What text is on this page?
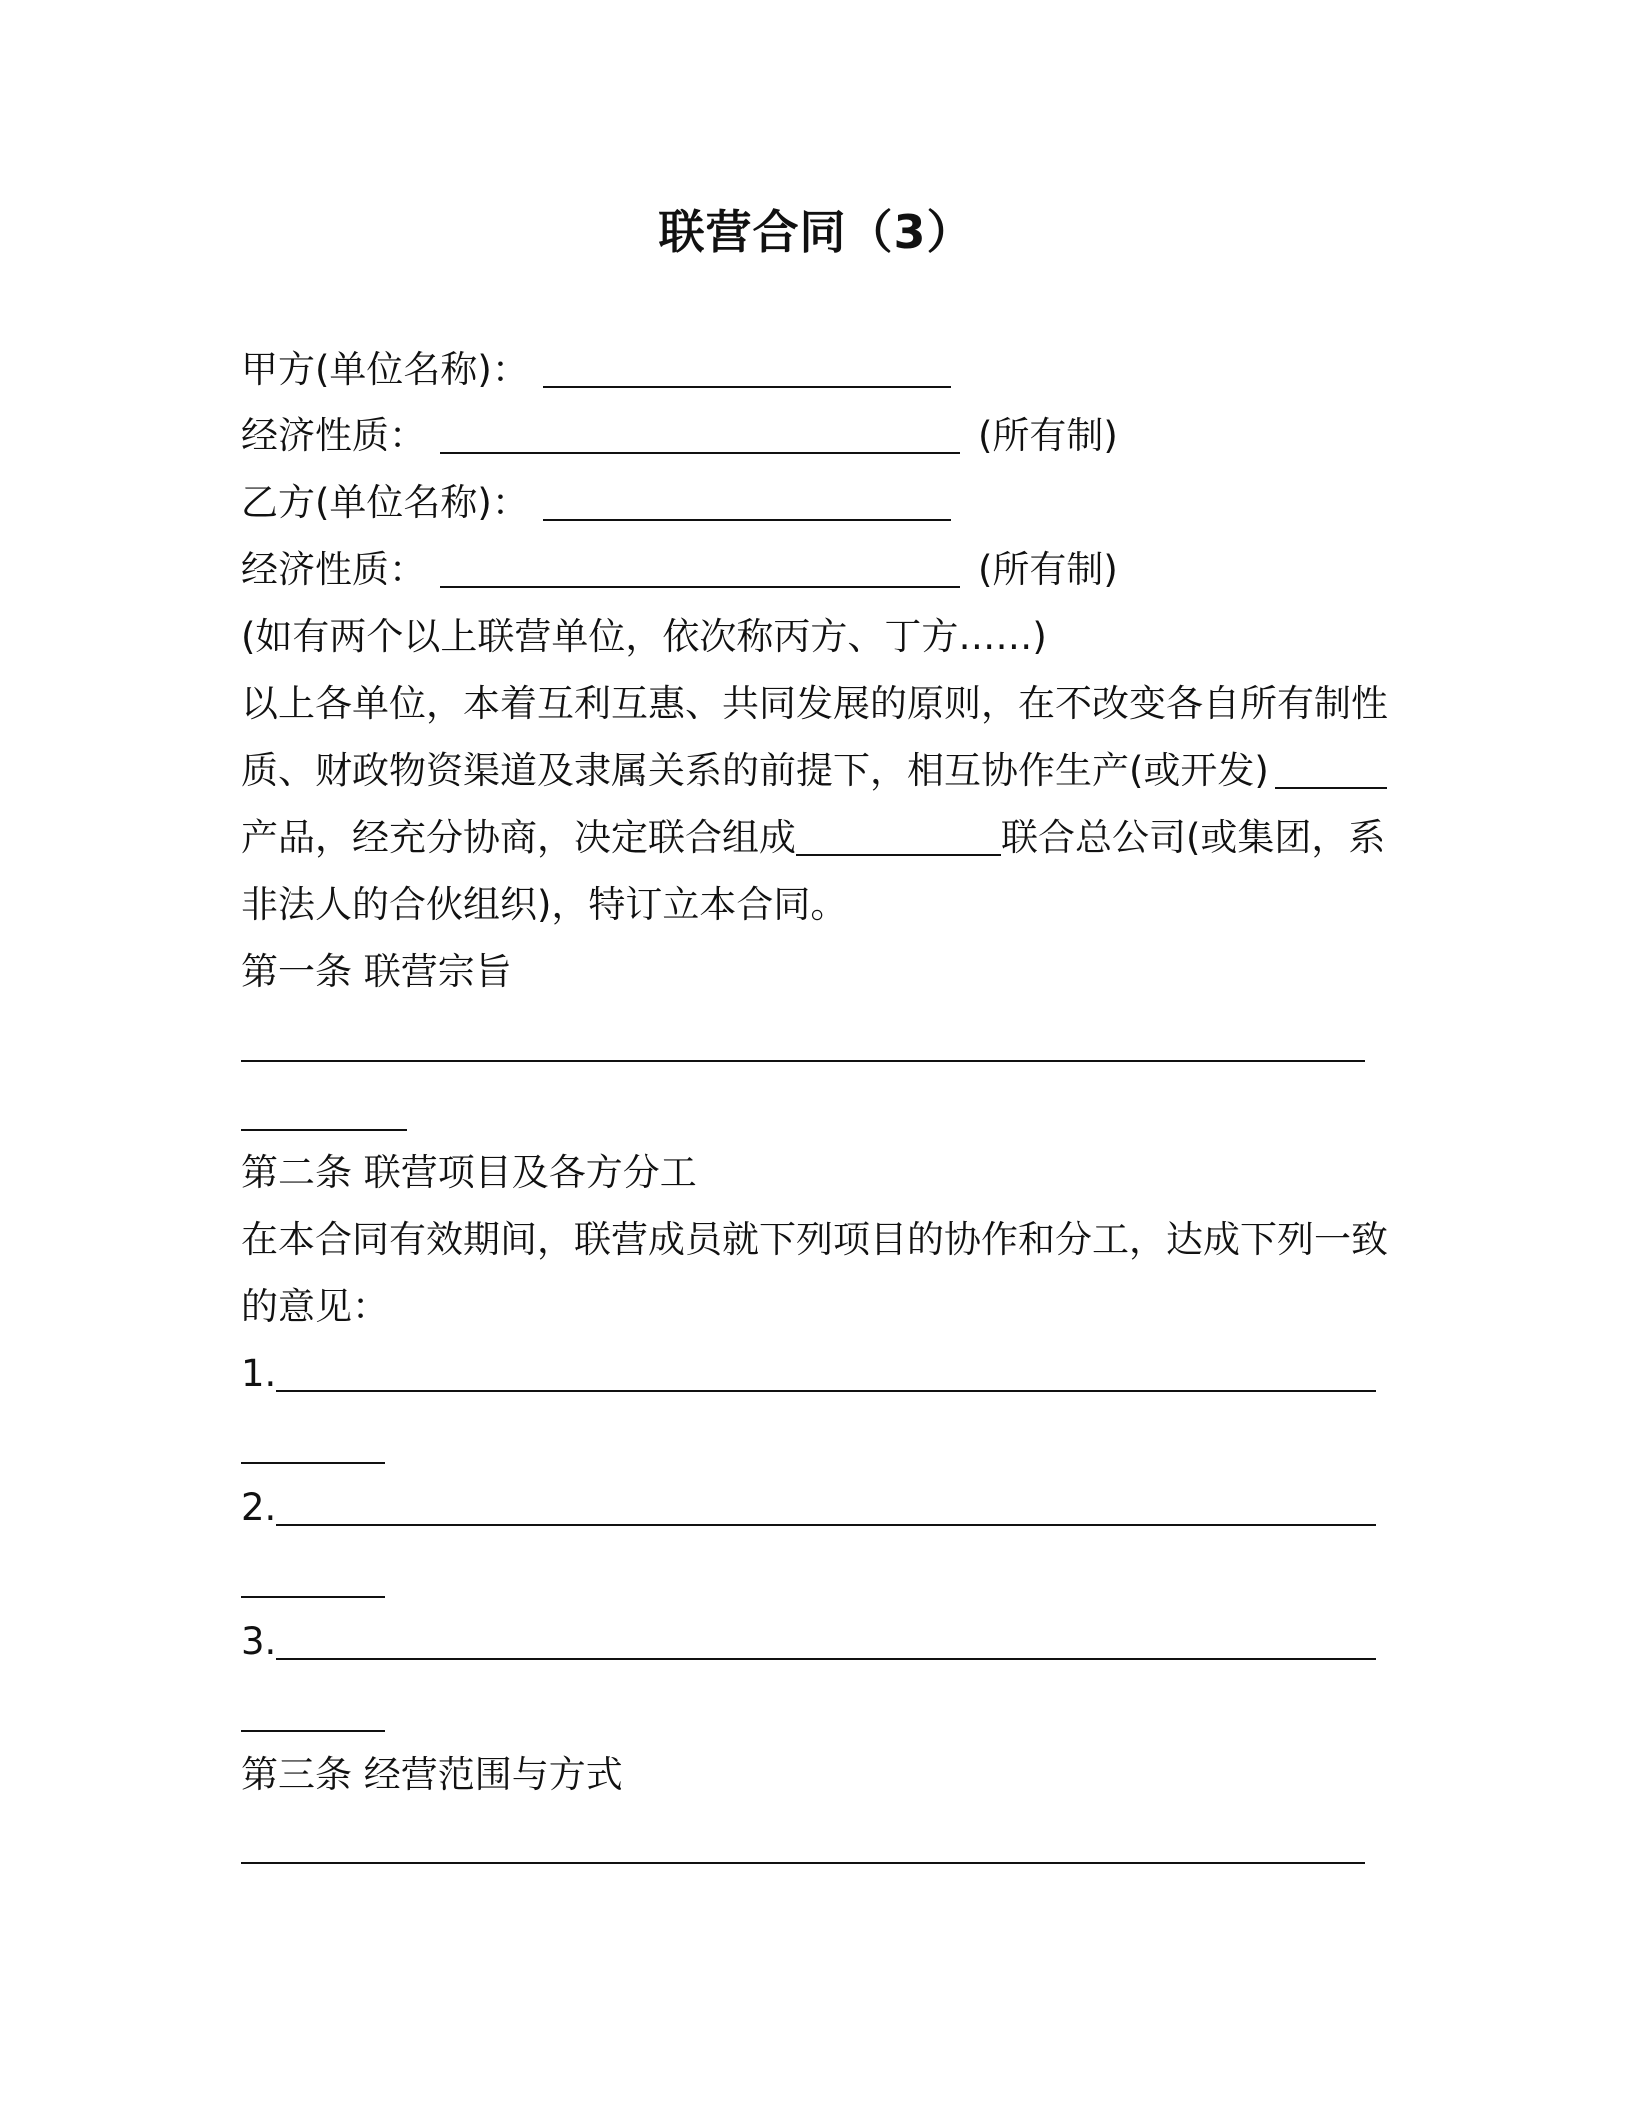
联营合同（3）
甲方(单位名称)：
经济性质：	(所有制)
乙方(单位名称)：
经济性质：	(所有制)
(如有两个以上联营单位，依次称丙方、丁方……)
以上各单位，本着互利互惠、共同发展的原则，在不改变各自所有制性
质、财政物资渠道及隶属关系的前提下，相互协作生产(或开发)
产品，经充分协商，决定联合组成	联合总公司(或集团，系
非法人的合伙组织)，特订立本合同。
第一条 联营宗旨
第二条 联营项目及各方分工
在本合同有效期间，联营成员就下列项目的协作和分工，达成下列一致
的意见：
1.
2.
3.
第三条 经营范围与方式
